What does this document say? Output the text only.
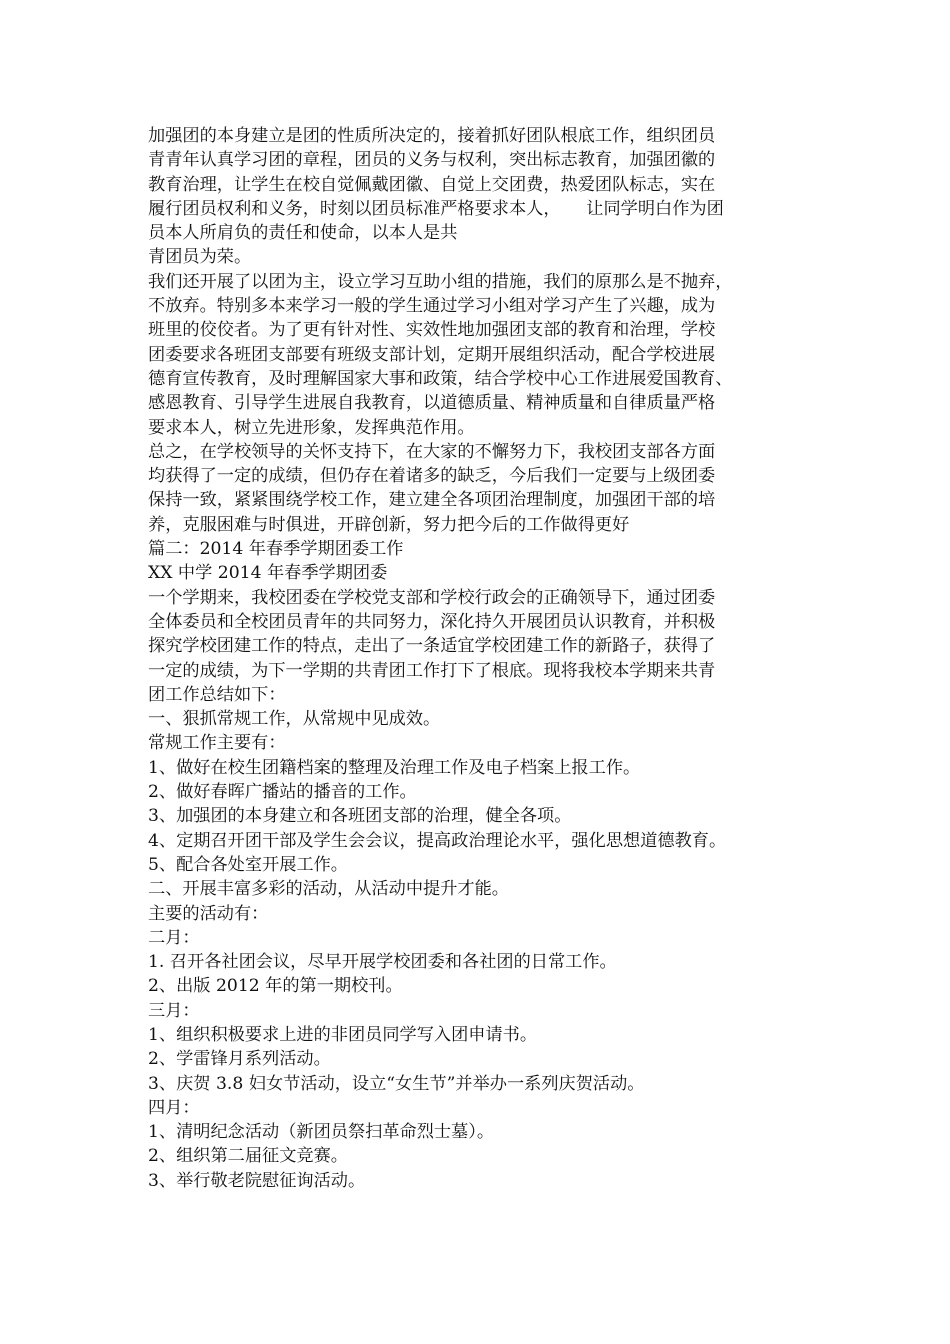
加强团的本身建立是团的性质所决定的，接着抓好团队根底工作，组织团员
青青年认真学习团的章程，团员的义务与权利，突出标志教育，加强团徽的
教育治理，让学生在校自觉佩戴团徽、自觉上交团费，热爱团队标志，实在
履行团员权利和义务，时刻以团员标准严格要求本人，　　让同学明白作为团
员本人所肩负的责任和使命，以本人是共
青团员为荣。
我们还开展了以团为主，设立学习互助小组的措施，我们的原那么是不抛弃，
不放弃。特别多本来学习一般的学生通过学习小组对学习产生了兴趣，成为
班里的佼佼者。为了更有针对性、实效性地加强团支部的教育和治理，学校
团委要求各班团支部要有班级支部计划，定期开展组织活动，配合学校进展
德育宣传教育，及时理解国家大事和政策，结合学校中心工作进展爱国教育、
感恩教育、引导学生进展自我教育，以道德质量、精神质量和自律质量严格
要求本人，树立先进形象，发挥典范作用。
总之，在学校领导的关怀支持下，在大家的不懈努力下，我校团支部各方面
均获得了一定的成绩，但仍存在着诸多的缺乏，今后我们一定要与上级团委
保持一致，紧紧围绕学校工作，建立建全各项团治理制度，加强团干部的培
养，克服困难与时俱进，开辟创新，努力把今后的工作做得更好
篇二：2014 年春季学期团委工作
XX 中学 2014 年春季学期团委
一个学期来，我校团委在学校党支部和学校行政会的正确领导下，通过团委
全体委员和全校团员青年的共同努力，深化持久开展团员认识教育，并积极
探究学校团建工作的特点，走出了一条适宜学校团建工作的新路子，获得了
一定的成绩，为下一学期的共青团工作打下了根底。现将我校本学期来共青
团工作总结如下：
一、狠抓常规工作，从常规中见成效。
常规工作主要有：
1、做好在校生团籍档案的整理及治理工作及电子档案上报工作。
2、做好春晖广播站的播音的工作。
3、加强团的本身建立和各班团支部的治理，健全各项。
4、定期召开团干部及学生会会议，提高政治理论水平，强化思想道德教育。
5、配合各处室开展工作。
二、开展丰富多彩的活动，从活动中提升才能。
主要的活动有：
二月：
1. 召开各社团会议，尽早开展学校团委和各社团的日常工作。
2、出版 2012 年的第一期校刊。
三月：
1、组织积极要求上进的非团员同学写入团申请书。
2、学雷锋月系列活动。
3、庆贺 3.8 妇女节活动，设立“女生节”并举办一系列庆贺活动。
四月：
1、清明纪念活动（新团员祭扫革命烈士墓）。
2、组织第二届征文竞赛。
3、举行敬老院慰征询活动。
